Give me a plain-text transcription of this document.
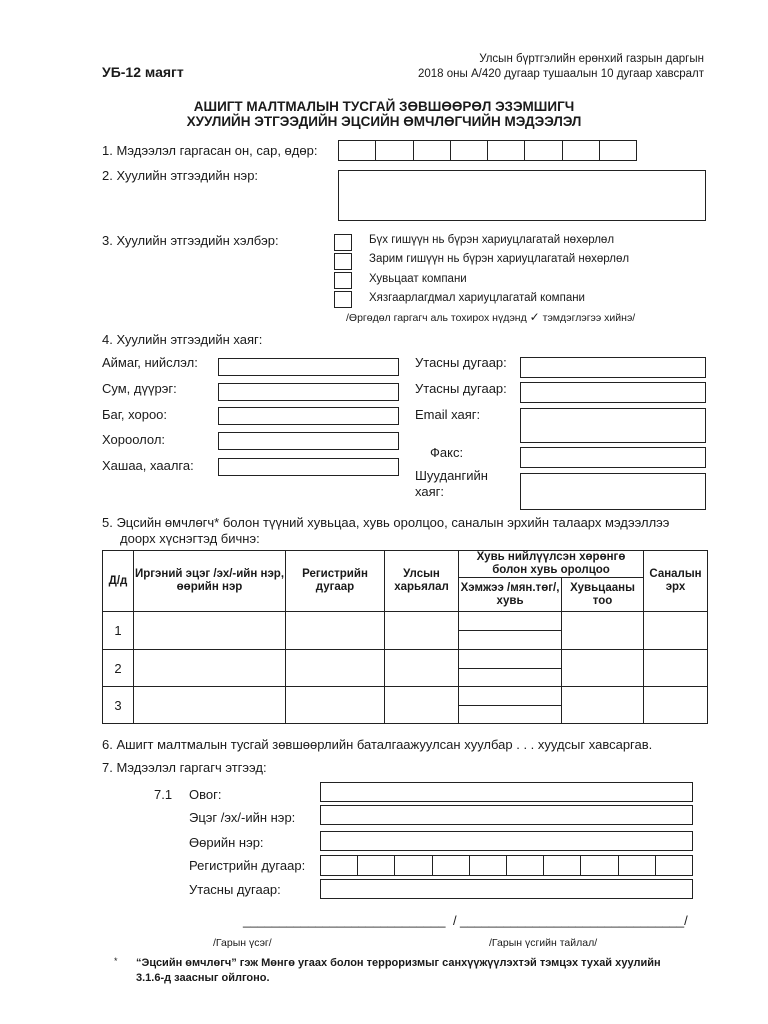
УБ-12 маягт
Улсын бүртгэлийн ерөнхий газрын даргын
2018 оны А/420 дугаар тушаалын 10 дугаар хавсралт
АШИГТ МАЛТМАЛЫН ТУСГАЙ ЗӨВШӨӨРӨЛ ЭЗЭМШИГЧ
ХУУЛИЙН ЭТГЭЭДИЙН ЭЦСИЙН ӨМЧЛӨГЧИЙН МЭДЭЭЛЭЛ
1. Мэдээлэл гаргасан он, сар, өдөр:
2. Хуулийн этгээдийн нэр:
3. Хуулийн этгээдийн хэлбэр:	Бүх гишүүн нь бүрэн хариуцлагатай нөхөрлөл
Зарим гишүүн нь бүрэн хариуцлагатай нөхөрлөл
Хувьцаат компани
Хязгаарлагдмал хариуцлагатай компани
/Өргөдөл гаргагч аль тохирох нүдэнд ✓ тэмдэглэгээ хийнэ/
4. Хуулийн этгээдийн хаяг:
Аймаг, нийслэл:
Сум, дүүрэг:
Баг, хороо:
Хороолол:
Хашаа, хаалга:
Утасны дугаар:
Утасны дугаар:
Email хаяг:
Факс:
Шуудангийн
хаяг:
5. Эцсийн өмчлөгч* болон түүний хувьцаа, хувь оролцоо, саналын эрхийн талаарх мэдээллээ
доорх хүснэгтэд бичнэ:
Д/д	Иргэний эцэг /эх/-ийн нэр, өөрийн нэр	Регистрийн дугаар	Улсын харьялал	Хувь нийлүүлсэн хөрөнгө болон хувь оролцоо		Саналын эрх
				Хэмжээ /мян.төг/, хувь	Хувьцааны тоо	
1				

2				

3				

6. Ашигт малтмалын тусгай зөвшөөрлийн баталгаажуулсан хуулбар . . . хуудсыг хавсаргав.
7. Мэдээлэл гаргагч этгээд:
7.1 Овог:
Эцэг /эх/-ийн нэр:
Өөрийн нэр:
Регистрийн дугаар:
Утасны дугаар:
____________________________ / _______________________________/
/Гарын үсэг/	/Гарын үсгийн тайлал/
* “Эцсийн өмчлөгч” гэж Мөнгө угаах болон терроризмыг санхүүжүүлэхтэй тэмцэх тухай хуулийн
3.1.6-д заасныг ойлгоно.
